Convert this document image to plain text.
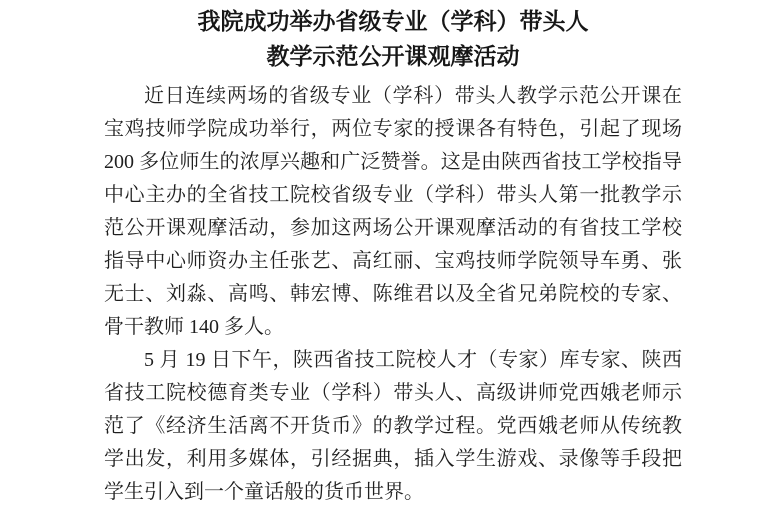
我院成功举办省级专业（学科）带头人
教学示范公开课观摩活动

近日连续两场的省级专业（学科）带头人教学示范公开课在宝鸡技师学院成功举行，两位专家的授课各有特色，引起了现场 200 多位师生的浓厚兴趣和广泛赞誉。这是由陕西省技工学校指导中心主办的全省技工院校省级专业（学科）带头人第一批教学示范公开课观摩活动，参加这两场公开课观摩活动的有省技工学校指导中心师资办主任张艺、高红丽、宝鸡技师学院领导车勇、张无士、刘淼、高鸣、韩宏博、陈维君以及全省兄弟院校的专家、骨干教师 140 多人。

5 月 19 日下午，陕西省技工院校人才（专家）库专家、陕西省技工院校德育类专业（学科）带头人、高级讲师党西娥老师示范了《经济生活离不开货币》的教学过程。党西娥老师从传统教学出发，利用多媒体，引经据典，插入学生游戏、录像等手段把学生引入到一个童话般的货币世界。
